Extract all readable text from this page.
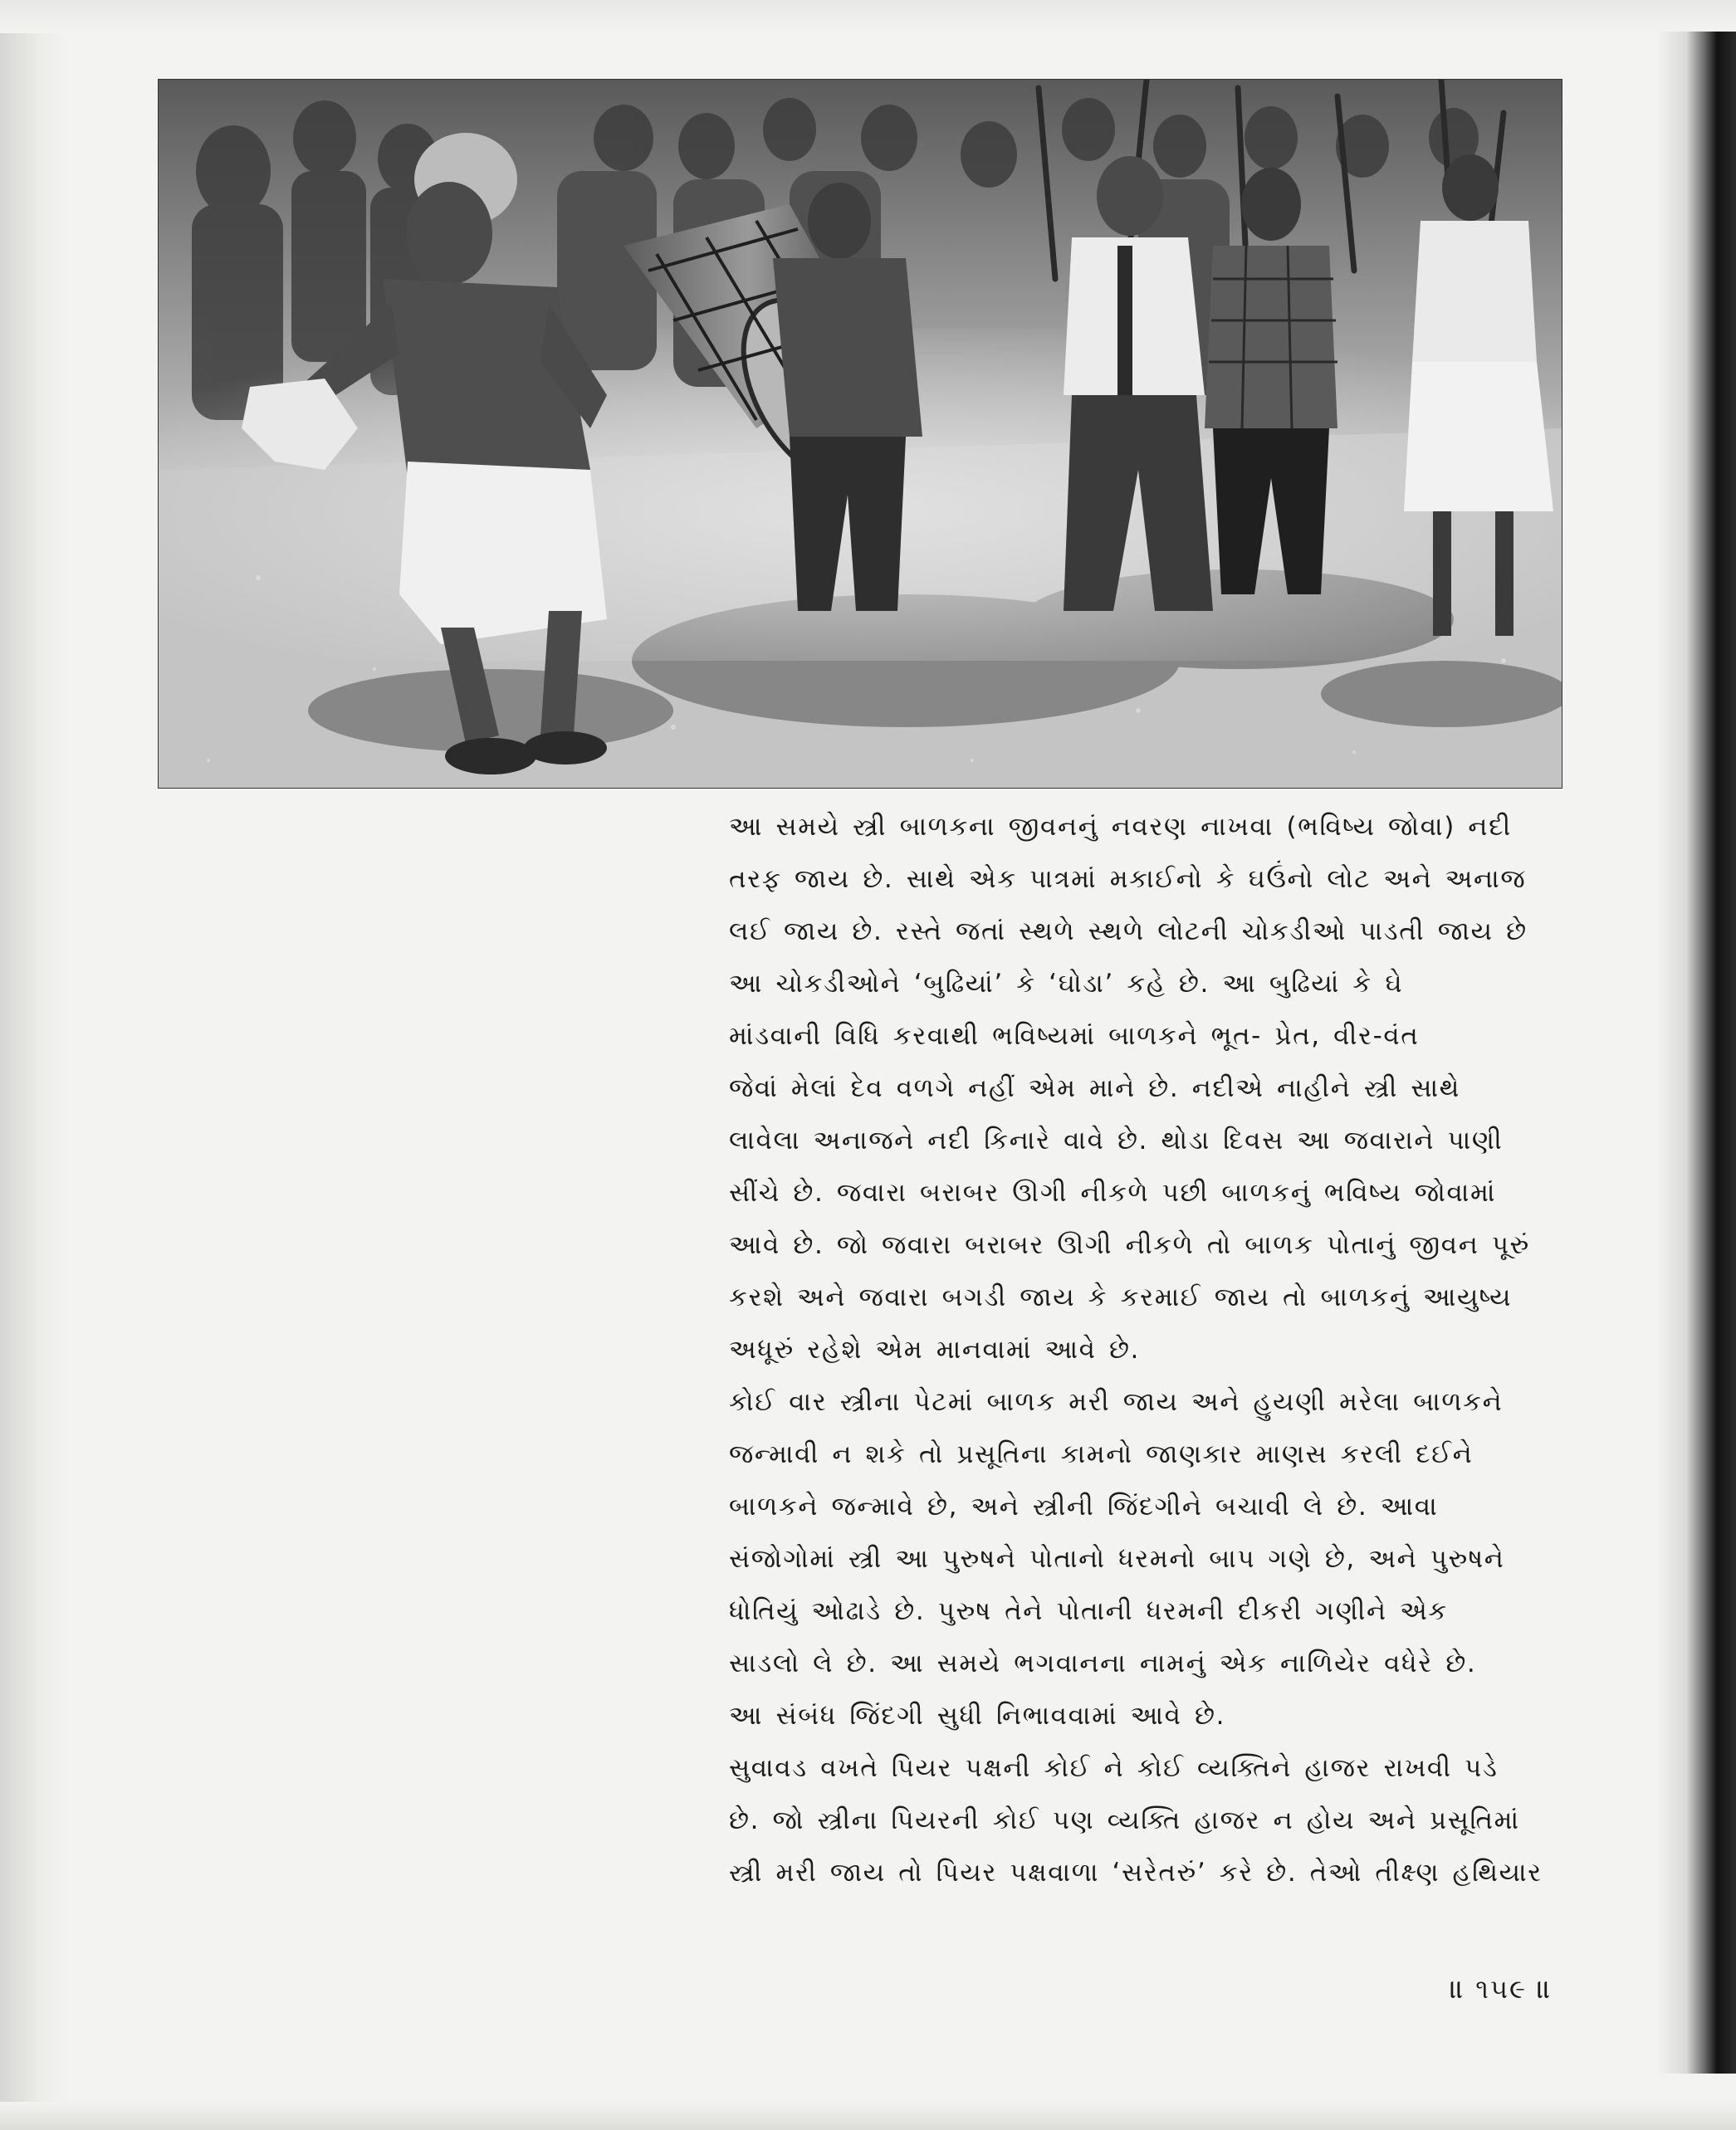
આ સમયે સ્ત્રી બાળકના જીવનનું નવરણ નાખવા (ભવિષ્ય જોવા) નદી
તરફ જાય છે. સાથે એક પાત્રમાં મકાઈનો કે ઘઉંનો લોટ અને અનાજ
લઈ જાય છે. રસ્તે જતાં સ્થળે સ્થળે લોટની ચોકડીઓ પાડતી જાય છે
આ ચોકડીઓને ‘બુઢિયાં’ કે ‘ઘોડા’ કહે છે. આ બુઢિયાં કે ઘે
માંડવાની વિધિ કરવાથી ભવિષ્યમાં બાળકને ભૂત- પ્રેત, વીર-વંત
જેવાં મેલાં દેવ વળગે નહીં એમ માને છે. નદીએ નાહીને સ્ત્રી સાથે
લાવેલા અનાજને નદી કિનારે વાવે છે. થોડા દિવસ આ જવારાને પાણી
સીંચે છે. જવારા બરાબર ઊગી નીકળે પછી બાળકનું ભવિષ્ય જોવામાં
આવે છે. જો જવારા બરાબર ઊગી નીકળે તો બાળક પોતાનું જીવન પૂરું
કરશે અને જવારા બગડી જાય કે કરમાઈ જાય તો બાળકનું આયુષ્ય
અધૂરું રહેશે એમ માનવામાં આવે છે.
કોઈ વાર સ્ત્રીના પેટમાં બાળક મરી જાય અને હુયણી મરેલા બાળકને
જન્માવી ન શકે તો પ્રસૂતિના કામનો જાણકાર માણસ કરલી દઈને
બાળકને જન્માવે છે, અને સ્ત્રીની જિંદગીને બચાવી લે છે. આવા
સંજોગોમાં સ્ત્રી આ પુરુષને પોતાનો ધરમનો બાપ ગણે છે, અને પુરુષને
ધોતિયું ઓઢાડે છે. પુરુષ તેને પોતાની ધરમની દીકરી ગણીને એક
સાડલો લે છે. આ સમયે ભગવાનના નામનું એક નાળિયેર વધેરે છે.
આ સંબંધ જિંદગી સુધી નિભાવવામાં આવે છે.
સુવાવડ વખતે પિયર પક્ષની કોઈ ને કોઈ વ્યક્તિને હાજર રાખવી પડે
છે. જો સ્ત્રીના પિયરની કોઈ પણ વ્યક્તિ હાજર ન હોય અને પ્રસૂતિમાં
સ્ત્રી મરી જાય તો પિયર પક્ષવાળા ‘સરેતરું’ કરે છે. તેઓ તીક્ષ્ણ હથિયાર
॥ ૧૫૯ ॥
